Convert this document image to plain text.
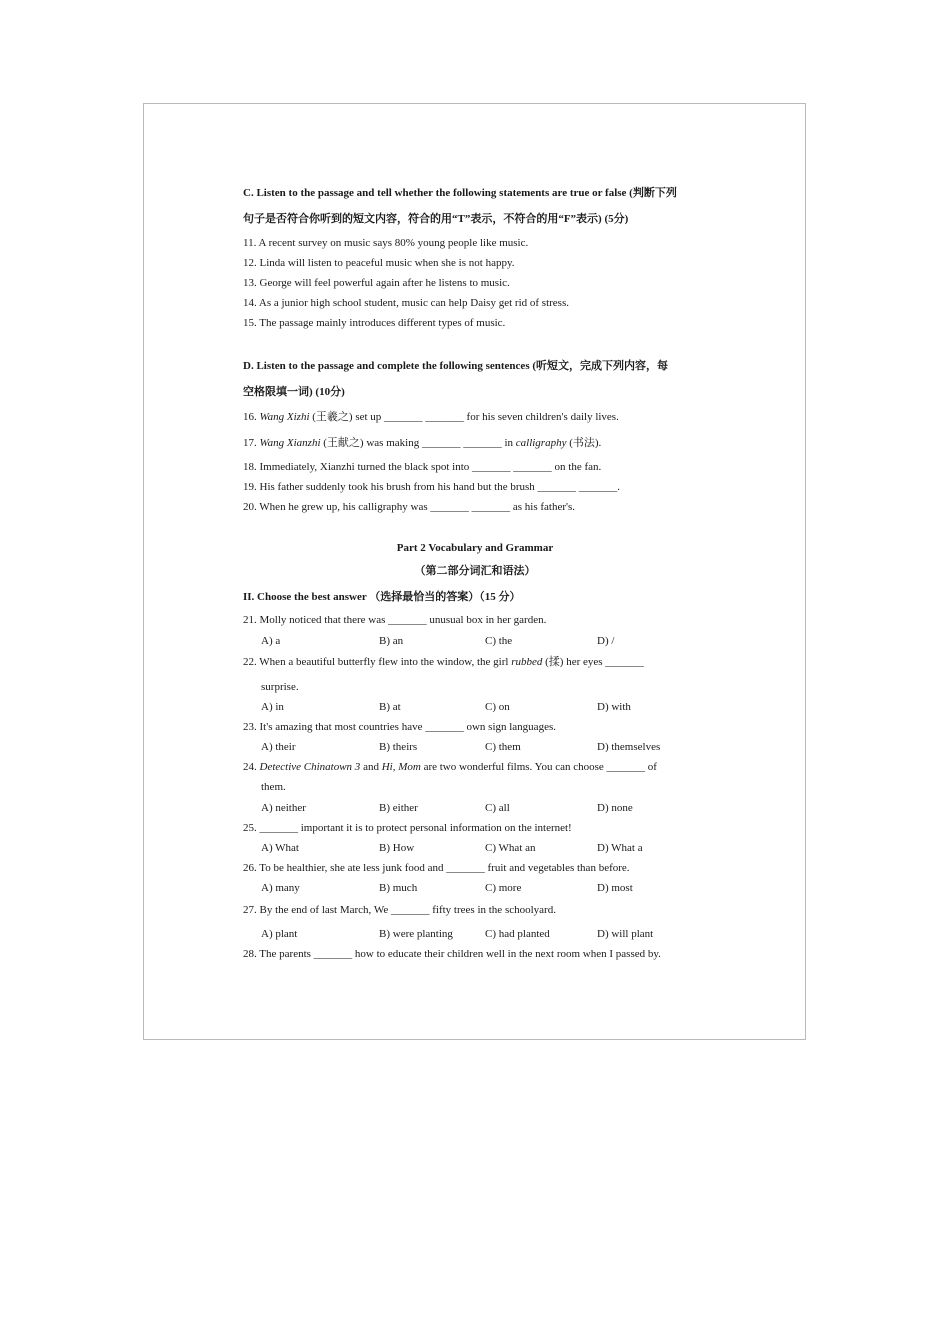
C. Listen to the passage and tell whether the following statements are true or false (判断下列
句子是否符合你听到的短文内容，符合的用“T”表示，不符合的用“F”表示) (5分)
11. A recent survey on music says 80% young people like music.
12. Linda will listen to peaceful music when she is not happy.
13. George will feel powerful again after he listens to music.
14. As a junior high school student, music can help Daisy get rid of stress.
15. The passage mainly introduces different types of music.
D. Listen to the passage and complete the following sentences (听短文，完成下列内容，每
空格限填一词) (10分)
16. Wang Xizhi (王羲之) set up _______ _______ for his seven children's daily lives.
17. Wang Xianzhi (王献之) was making _______ _______ in calligraphy (书法).
18. Immediately, Xianzhi turned the black spot into _______ _______ on the fan.
19. His father suddenly took his brush from his hand but the brush _______ _______.
20. When he grew up, his calligraphy was _______ _______ as his father's.
Part 2 Vocabulary and Grammar
（第二部分词汇和语法）
II. Choose the best answer （选择最恰当的答案）（15 分）
21. Molly noticed that there was _______ unusual box in her garden.
A) a	B) an	C) the	D) /
22. When a beautiful butterfly flew into the window, the girl rubbed (揉) her eyes _______
surprise.
A) in	B) at	C) on	D) with
23. It's amazing that most countries have _______ own sign languages.
A) their	B) theirs	C) them	D) themselves
24. Detective Chinatown 3 and Hi, Mom are two wonderful films. You can choose _______ of
them.
A) neither	B) either	C) all	D) none
25. _______ important it is to protect personal information on the internet!
A) What	B) How	C) What an	D) What a
26. To be healthier, she ate less junk food and _______ fruit and vegetables than before.
A) many	B) much	C) more	D) most
27. By the end of last March, We _______ fifty trees in the schoolyard.
A) plant	B) were planting	C) had planted	D) will plant
28. The parents _______ how to educate their children well in the next room when I passed by.
